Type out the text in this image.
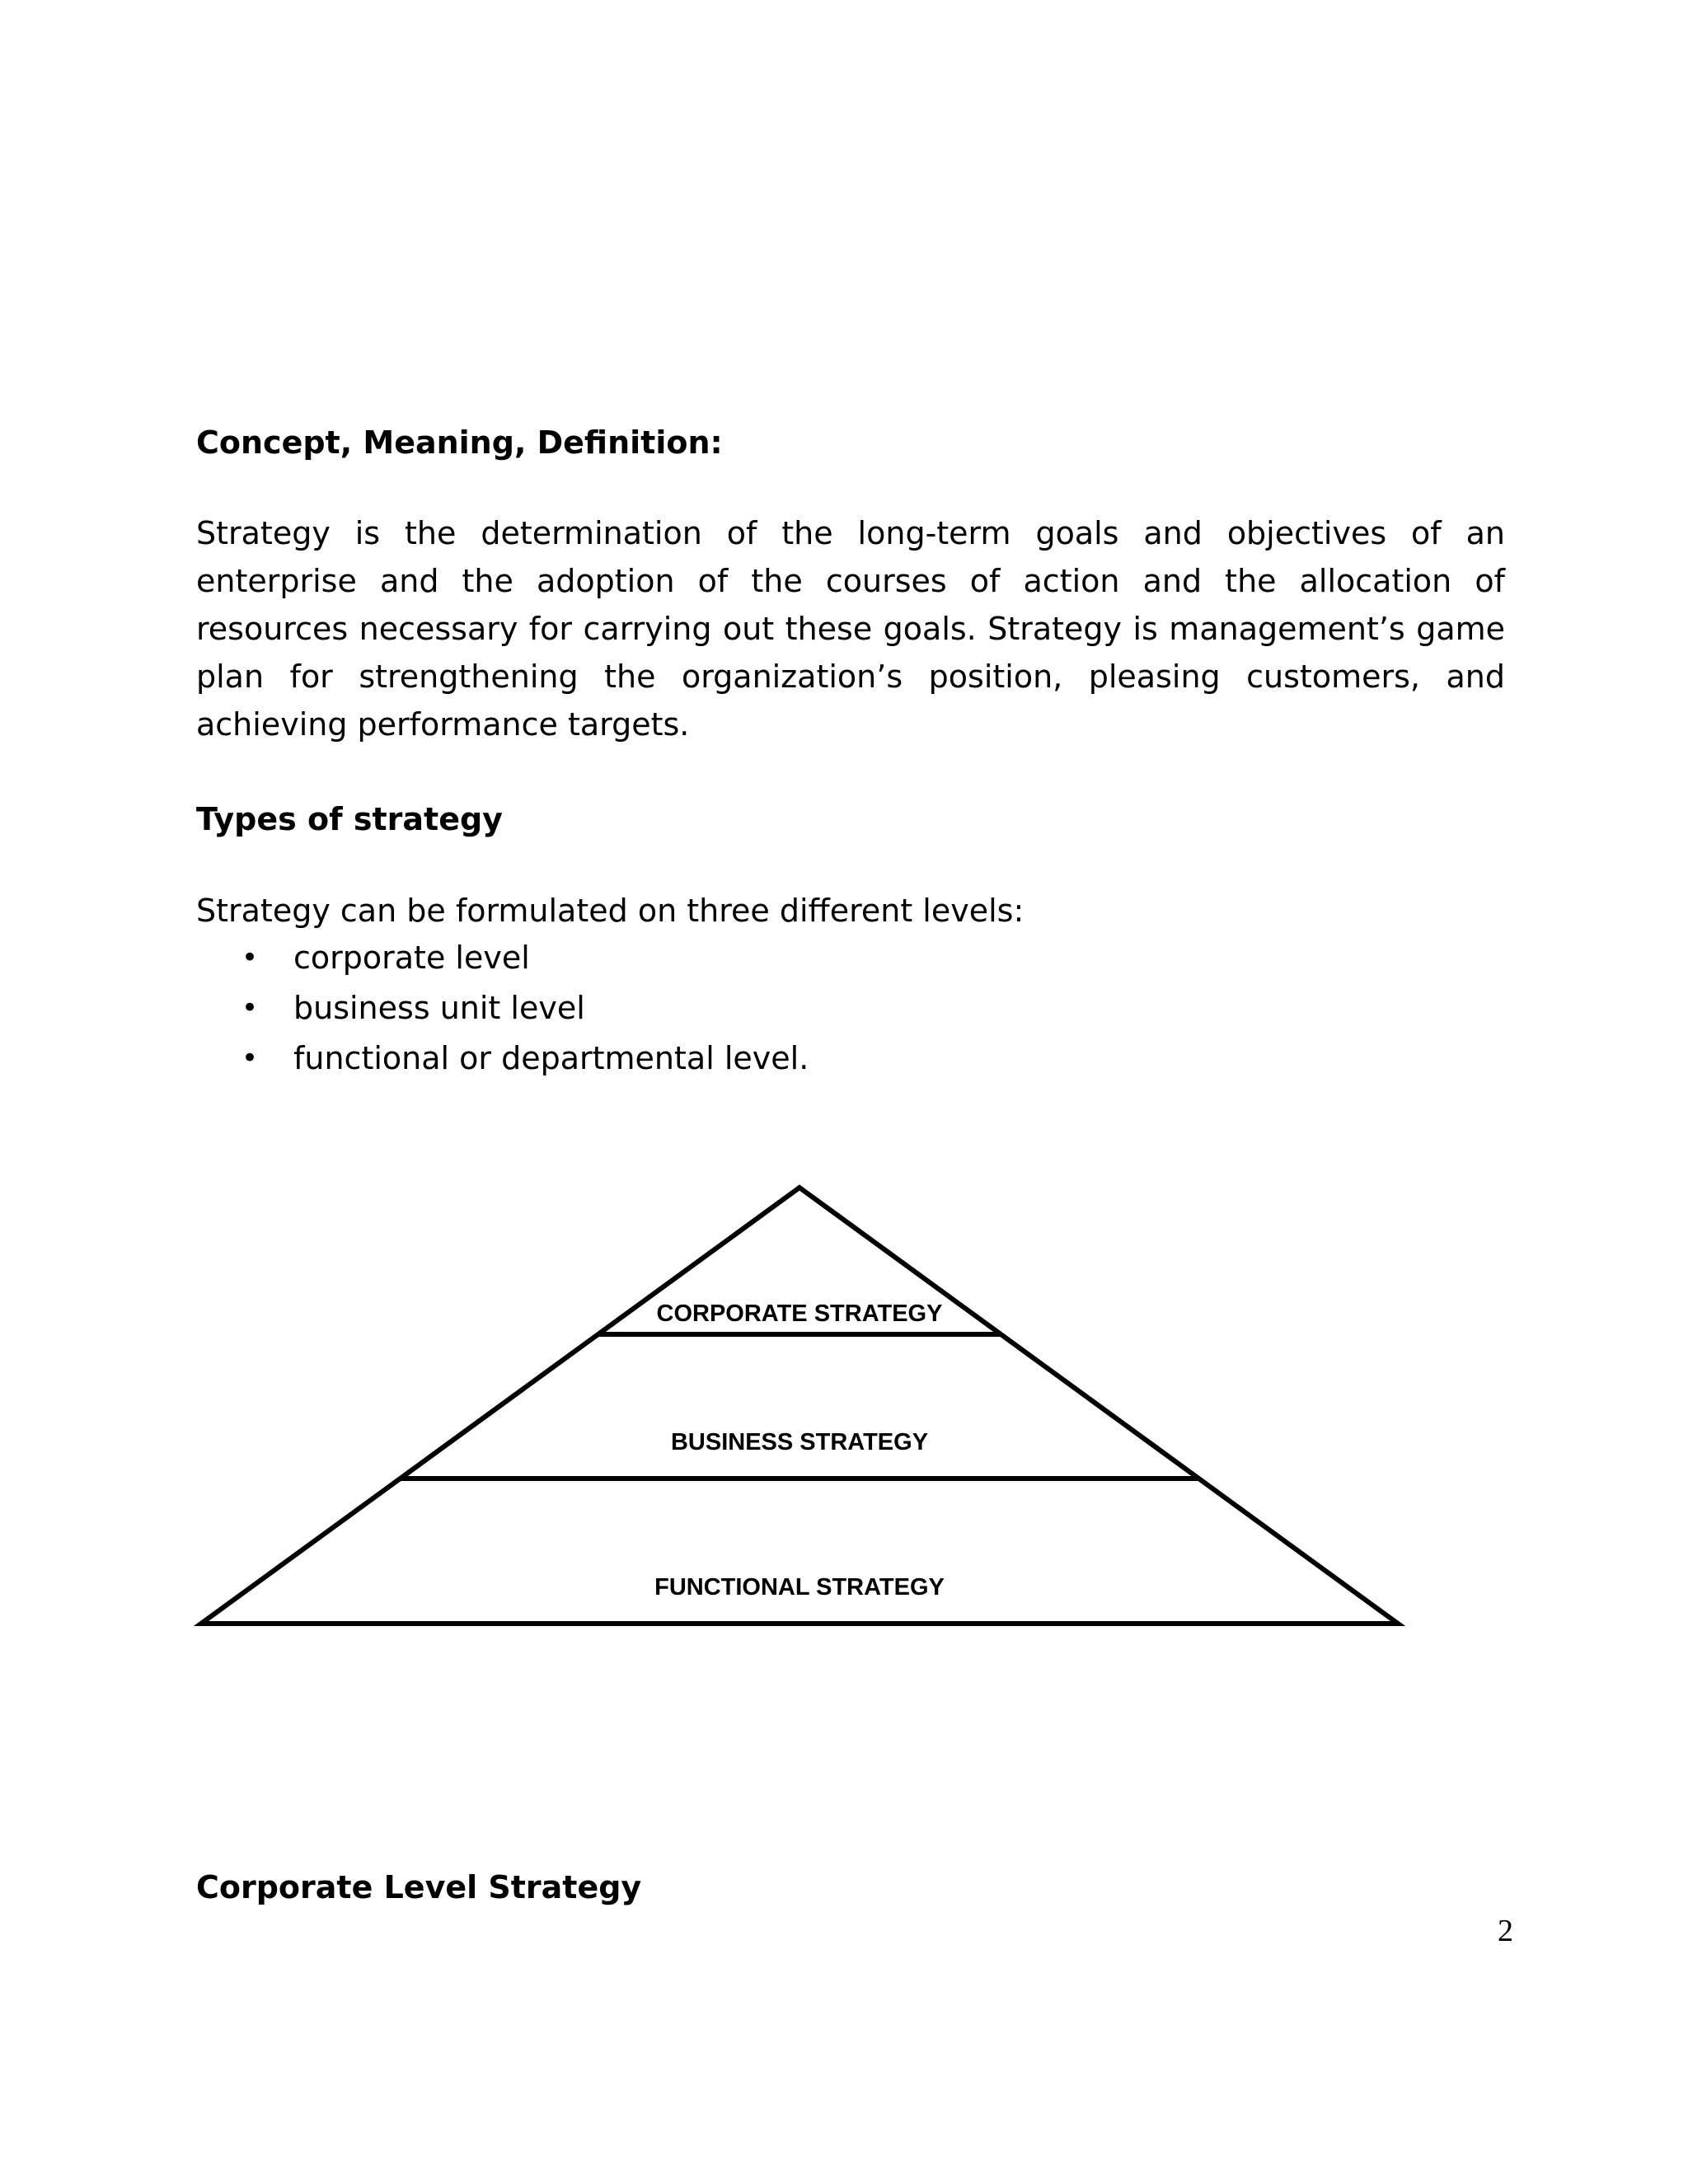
Concept, Meaning, Definition:

Strategy is the determination of the long-term goals and objectives of an enterprise and the adoption of the courses of action and the allocation of resources necessary for carrying out these goals. Strategy is management’s game plan for strengthening the organization’s position, pleasing customers, and achieving performance targets.

Types of strategy

Strategy can be formulated on three different levels:

• corporate level
• business unit level
• functional or departmental level.
CORPORATE STRATEGY
BUSINESS STRATEGY
FUNCTIONAL STRATEGY
Corporate Level Strategy
2
